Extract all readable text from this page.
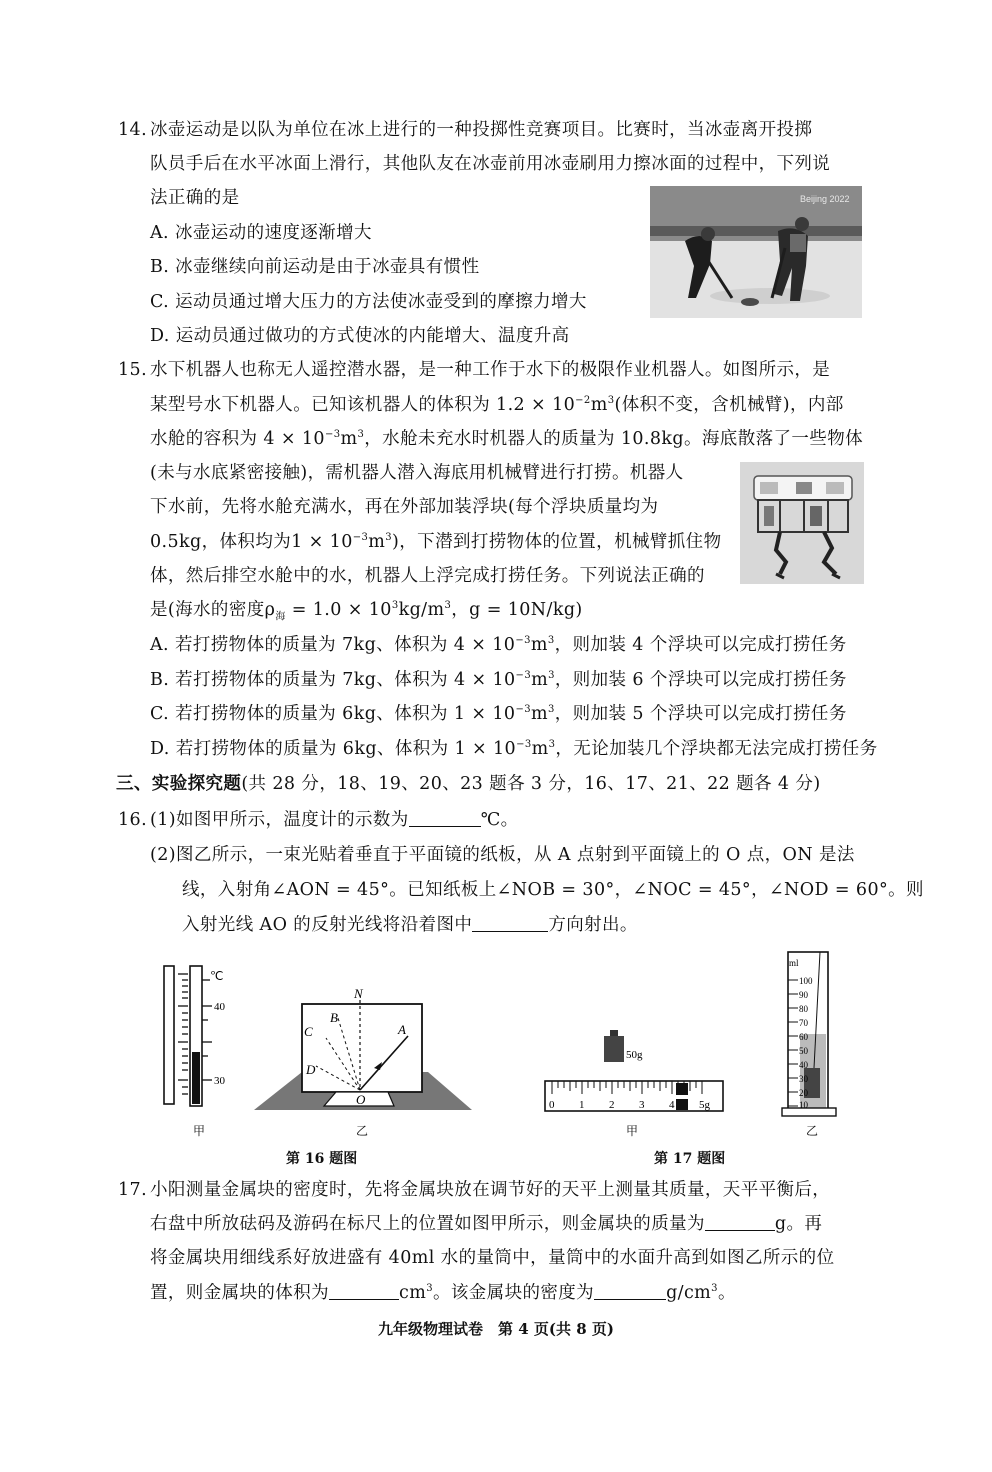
14. 冰壶运动是以队为单位在冰上进行的一种投掷性竞赛项目。比赛时，当冰壶离开投掷
队员手后在水平冰面上滑行，其他队友在冰壶前用冰壶刷用力擦冰面的过程中，下列说
法正确的是
A. 冰壶运动的速度逐渐增大
B. 冰壶继续向前运动是由于冰壶具有惯性
C. 运动员通过增大压力的方法使冰壶受到的摩擦力增大
D. 运动员通过做功的方式使冰的内能增大、温度升高
Beijing 2022
15. 水下机器人也称无人遥控潜水器，是一种工作于水下的极限作业机器人。如图所示，是
某型号水下机器人。已知该机器人的体积为 $1.2 \times 10^{-2}m^3$(体积不变，含机械臂)，内部
水舱的容积为 $4 \times 10^{-3}m^3$，水舱未充水时机器人的质量为 10.8kg。海底散落了一些物体
(未与水底紧密接触)，需机器人潜入海底用机械臂进行打捞。机器人
下水前，先将水舱充满水，再在外部加装浮块(每个浮块质量均为
0.5kg，体积均为$1 \times 10^{-3}m^3$)，下潜到打捞物体的位置，机械臂抓住物
体，然后排空水舱中的水，机器人上浮完成打捞任务。下列说法正确的
是(海水的密度$\rho_海 = 1.0 \times 10^3kg/m^3$，g = 10N/kg)
A. 若打捞物体的质量为 7kg、体积为 $4 \times 10^{-3}m^3$，则加装 4 个浮块可以完成打捞任务
B. 若打捞物体的质量为 7kg、体积为 $4 \times 10^{-3}m^3$，则加装 6 个浮块可以完成打捞任务
C. 若打捞物体的质量为 6kg、体积为 $1 \times 10^{-3}m^3$，则加装 5 个浮块可以完成打捞任务
D. 若打捞物体的质量为 6kg、体积为 $1 \times 10^{-3}m^3$，无论加装几个浮块都无法完成打捞任务
三、实验探究题(共 28 分，18、19、20、23 题各 3 分，16、17、21、22 题各 4 分)
16. (1)如图甲所示，温度计的示数为	℃。
(2)图乙所示，一束光贴着垂直于平面镜的纸板，从 A 点射到平面镜上的 O 点，ON 是法
线，入射角∠AON = 45°。已知纸板上∠NOB = 30°，∠NOC = 45°，∠NOD = 60°。则
入射光线 AO 的反射光线将沿着图中	方向射出。
℃
40
30
甲
N
A
B
C
D
O
乙
第 16 题图
50g
0 1 2 3 4 5g
甲
ml
100
90
80
70
60
50
40
30
20
10
乙
第 17 题图
17. 小阳测量金属块的密度时，先将金属块放在调节好的天平上测量其质量，天平平衡后，
右盘中所放砝码及游码在标尺上的位置如图甲所示，则金属块的质量为	g。再
将金属块用细线系好放进盛有 40ml 水的量筒中，量筒中的水面升高到如图乙所示的位
置，则金属块的体积为	$cm^3$。该金属块的密度为	$g/cm^3$。
九年级物理试卷　第 4 页(共 8 页)
